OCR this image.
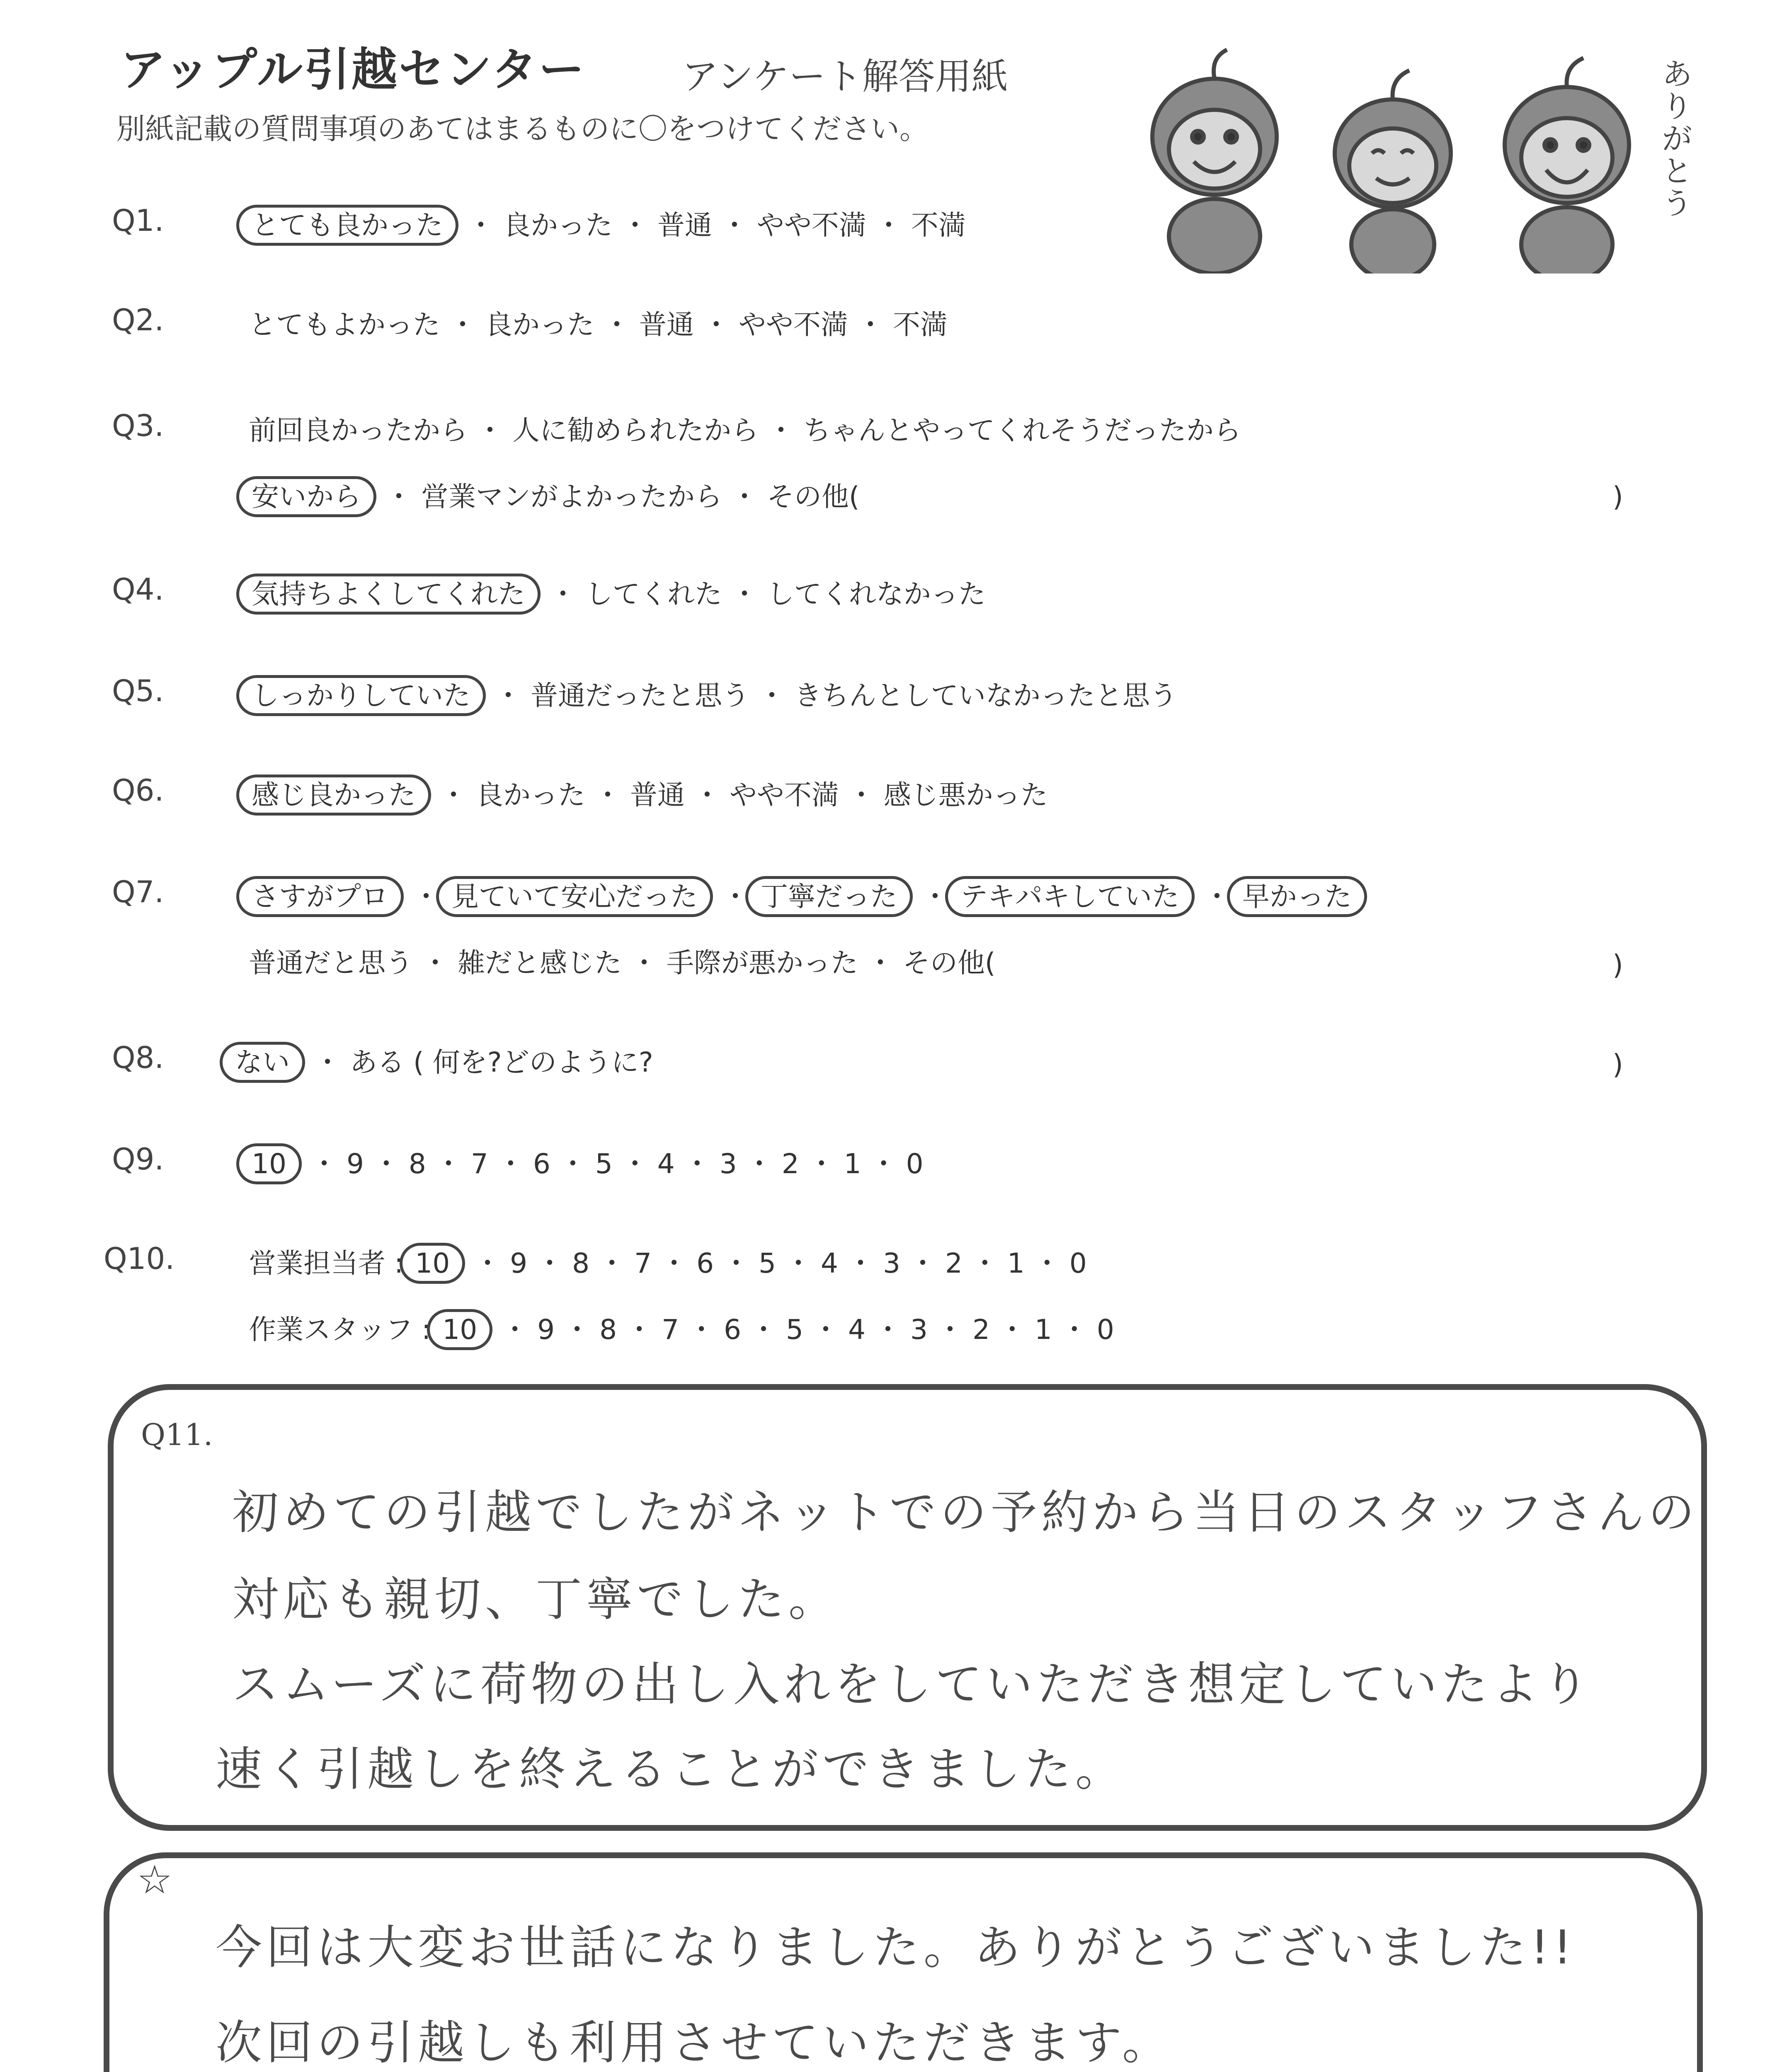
アップル引越センター	アンケート解答用紙
別紙記載の質問事項のあてはまるものに〇をつけてください。
ありがとう
Q1.	とても良かった ・ 良かった ・ 普通 ・ やや不満 ・ 不満
Q2.	とてもよかった ・ 良かった ・ 普通 ・ やや不満 ・ 不満
Q3.	前回良かったから ・ 人に勧められたから ・ ちゃんとやってくれそうだったから
安いから ・ 営業マンがよかったから ・ その他(	)
Q4.	気持ちよくしてくれた ・ してくれた ・ してくれなかった
Q5.	しっかりしていた ・ 普通だったと思う ・ きちんとしていなかったと思う
Q6.	感じ良かった ・ 良かった ・ 普通 ・ やや不満 ・ 感じ悪かった
Q7.	さすがプロ ・ 見ていて安心だった ・ 丁寧だった ・ テキパキしていた ・ 早かった
普通だと思う ・ 雑だと感じた ・ 手際が悪かった ・ その他(	)
Q8.	ない ・ ある ( 何を?どのように?	)
Q9.	10 ・ 9 ・ 8 ・ 7 ・ 6 ・ 5 ・ 4 ・ 3 ・ 2 ・ 1 ・ 0
Q10.	営業担当者 : 10 ・ 9 ・ 8 ・ 7 ・ 6 ・ 5 ・ 4 ・ 3 ・ 2 ・ 1 ・ 0
作業スタッフ : 10 ・ 9 ・ 8 ・ 7 ・ 6 ・ 5 ・ 4 ・ 3 ・ 2 ・ 1 ・ 0
Q11.
初めての引越でしたがネットでの予約から当日のスタッフさんの
対応も親切、丁寧でした。
スムーズに荷物の出し入れをしていただき想定していたより
速く引越しを終えることができました。
☆
今回は大変お世話になりました。ありがとうございました!!
次回の引越しも利用させていただきます。
